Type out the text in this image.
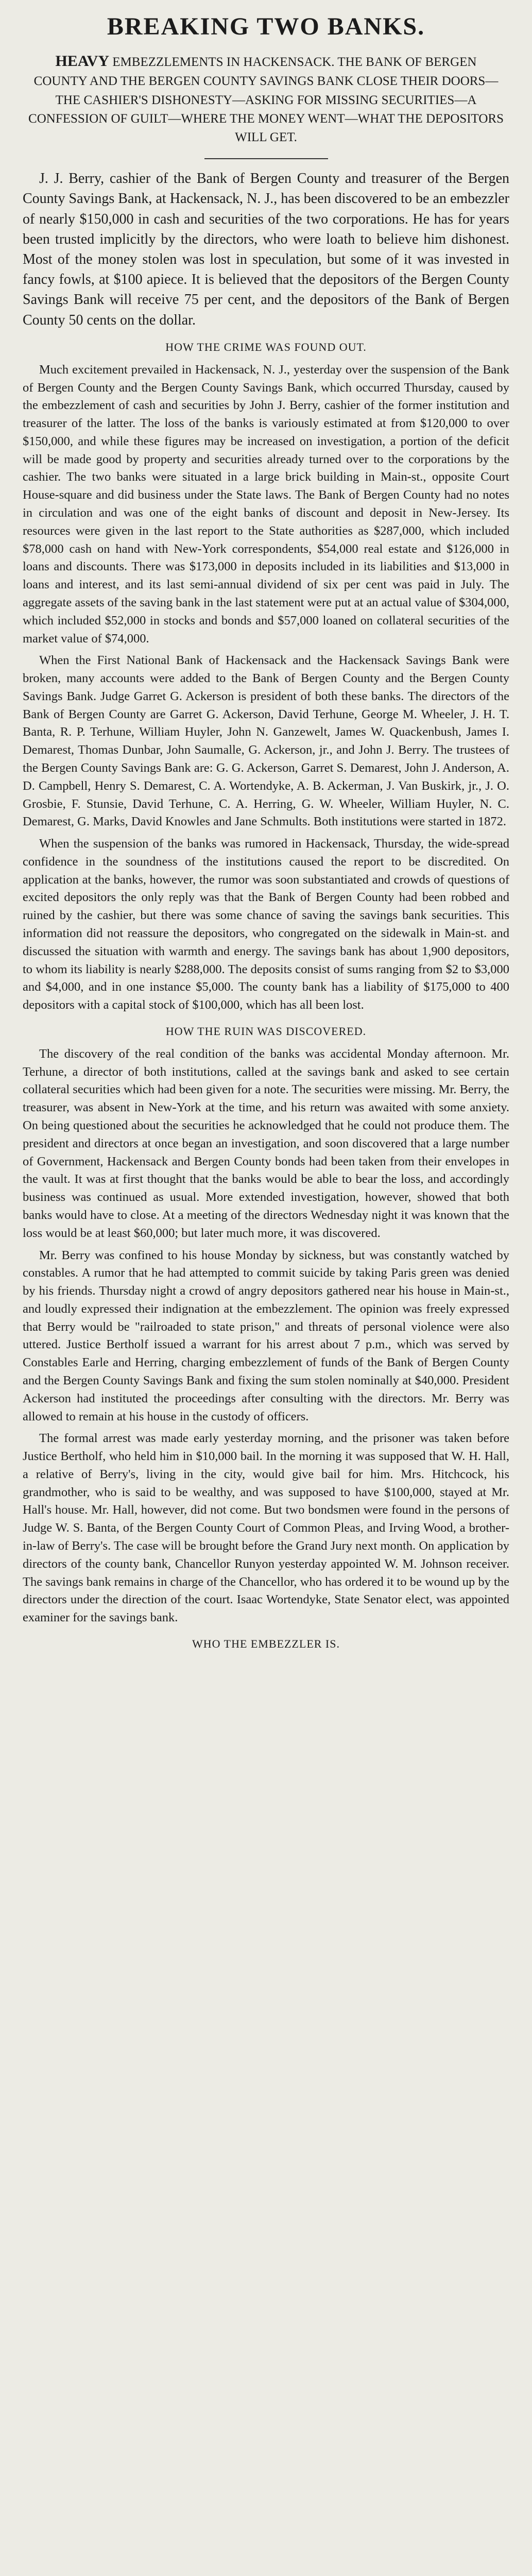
BREAKING TWO BANKS.
HEAVY EMBEZZLEMENTS IN HACKENSACK. THE BANK OF BERGEN COUNTY AND THE BERGEN COUNTY SAVINGS BANK CLOSE THEIR DOORS—THE CASHIER'S DISHONESTY—ASKING FOR MISSING SECURITIES—A CONFESSION OF GUILT—WHERE THE MONEY WENT—WHAT THE DEPOSITORS WILL GET.

J. J. Berry, cashier of the Bank of Bergen County and treasurer of the Bergen County Savings Bank, at Hackensack, N. J., has been discovered to be an embezzler of nearly $150,000 in cash and securities of the two corporations. He has for years been trusted implicitly by the directors, who were loath to believe him dishonest. Most of the money stolen was lost in speculation, but some of it was invested in fancy fowls, at $100 apiece. It is believed that the depositors of the Bergen County Savings Bank will receive 75 per cent, and the depositors of the Bank of Bergen County 50 cents on the dollar.

HOW THE CRIME WAS FOUND OUT.

Much excitement prevailed in Hackensack, N. J., yesterday over the suspension of the Bank of Bergen County and the Bergen County Savings Bank, which occurred Thursday, caused by the embezzlement of cash and securities by John J. Berry, cashier of the former institution and treasurer of the latter. The loss of the banks is variously estimated at from $120,000 to over $150,000, and while these figures may be increased on investigation, a portion of the deficit will be made good by property and securities already turned over to the corporations by the cashier. The two banks were situated in a large brick building in Main-st., opposite Court House-square and did business under the State laws. The Bank of Bergen County had no notes in circulation and was one of the eight banks of discount and deposit in New-Jersey. Its resources were given in the last report to the State authorities as $287,000, which included $78,000 cash on hand with New-York correspondents, $54,000 real estate and $126,000 in loans and discounts. There was $173,000 in deposits included in its liabilities and $13,000 in loans and interest, and its last semi-annual dividend of six per cent was paid in July. The aggregate assets of the saving bank in the last statement were put at an actual value of $304,000, which included $52,000 in stocks and bonds and $57,000 loaned on collateral securities of the market value of $74,000.

When the First National Bank of Hackensack and the Hackensack Savings Bank were broken, many accounts were added to the Bank of Bergen County and the Bergen County Savings Bank. Judge Garret G. Ackerson is president of both these banks. The directors of the Bank of Bergen County are Garret G. Ackerson, David Terhune, George M. Wheeler, J. H. T. Banta, R. P. Terhune, William Huyler, John N. Ganzewelt, James W. Quackenbush, James I. Demarest, Thomas Dunbar, John Saumalle, G. Ackerson, jr., and John J. Berry. The trustees of the Bergen County Savings Bank are: G. G. Ackerson, Garret S. Demarest, John J. Anderson, A. D. Campbell, Henry S. Demarest, C. A. Wortendyke, A. B. Ackerman, J. Van Buskirk, jr., J. O. Grosbie, F. Stunsie, David Terhune, C. A. Herring, G. W. Wheeler, William Huyler, N. C. Demarest, G. Marks, David Knowles and Jane Schmults. Both institutions were started in 1872.

When the suspension of the banks was rumored in Hackensack, Thursday, the wide-spread confidence in the soundness of the institutions caused the report to be discredited. On application at the banks, however, the rumor was soon substantiated and crowds of questions of excited depositors the only reply was that the Bank of Bergen County had been robbed and ruined by the cashier, but there was some chance of saving the savings bank securities. This information did not reassure the depositors, who congregated on the sidewalk in Main-st. and discussed the situation with warmth and energy. The savings bank has about 1,900 depositors, to whom its liability is nearly $288,000. The deposits consist of sums ranging from $2 to $3,000 and $4,000, and in one instance $5,000. The county bank has a liability of $175,000 to 400 depositors with a capital stock of $100,000, which has all been lost.

HOW THE RUIN WAS DISCOVERED.

The discovery of the real condition of the banks was accidental Monday afternoon. Mr. Terhune, a director of both institutions, called at the savings bank and asked to see certain collateral securities which had been given for a note. The securities were missing. Mr. Berry, the treasurer, was absent in New-York at the time, and his return was awaited with some anxiety. On being questioned about the securities he acknowledged that he could not produce them. The president and directors at once began an investigation, and soon discovered that a large number of Government, Hackensack and Bergen County bonds had been taken from their envelopes in the vault. It was at first thought that the banks would be able to bear the loss, and accordingly business was continued as usual. More extended investigation, however, showed that both banks would have to close. At a meeting of the directors Wednesday night it was known that the loss would be at least $60,000; but later much more, it was discovered.

Mr. Berry was confined to his house Monday by sickness, but was constantly watched by constables. A rumor that he had attempted to commit suicide by taking Paris green was denied by his friends. Thursday night a crowd of angry depositors gathered near his house in Main-st., and loudly expressed their indignation at the embezzlement. The opinion was freely expressed that Berry would be "railroaded to state prison," and threats of personal violence were also uttered. Justice Bertholf issued a warrant for his arrest about 7 p.m., which was served by Constables Earle and Herring, charging embezzlement of funds of the Bank of Bergen County and the Bergen County Savings Bank and fixing the sum stolen nominally at $40,000. President Ackerson had instituted the proceedings after consulting with the directors. Mr. Berry was allowed to remain at his house in the custody of officers.

The formal arrest was made early yesterday morning, and the prisoner was taken before Justice Bertholf, who held him in $10,000 bail. In the morning it was supposed that W. H. Hall, a relative of Berry's, living in the city, would give bail for him. Mrs. Hitchcock, his grandmother, who is said to be wealthy, and was supposed to have $100,000, stayed at Mr. Hall's house. Mr. Hall, however, did not come. But two bondsmen were found in the persons of Judge W. S. Banta, of the Bergen County Court of Common Pleas, and Irving Wood, a brother-in-law of Berry's. The case will be brought before the Grand Jury next month. On application by directors of the county bank, Chancellor Runyon yesterday appointed W. M. Johnson receiver. The savings bank remains in charge of the Chancellor, who has ordered it to be wound up by the directors under the direction of the court. Isaac Wortendyke, State Senator elect, was appointed examiner for the savings bank.

WHO THE EMBEZZLER IS.
